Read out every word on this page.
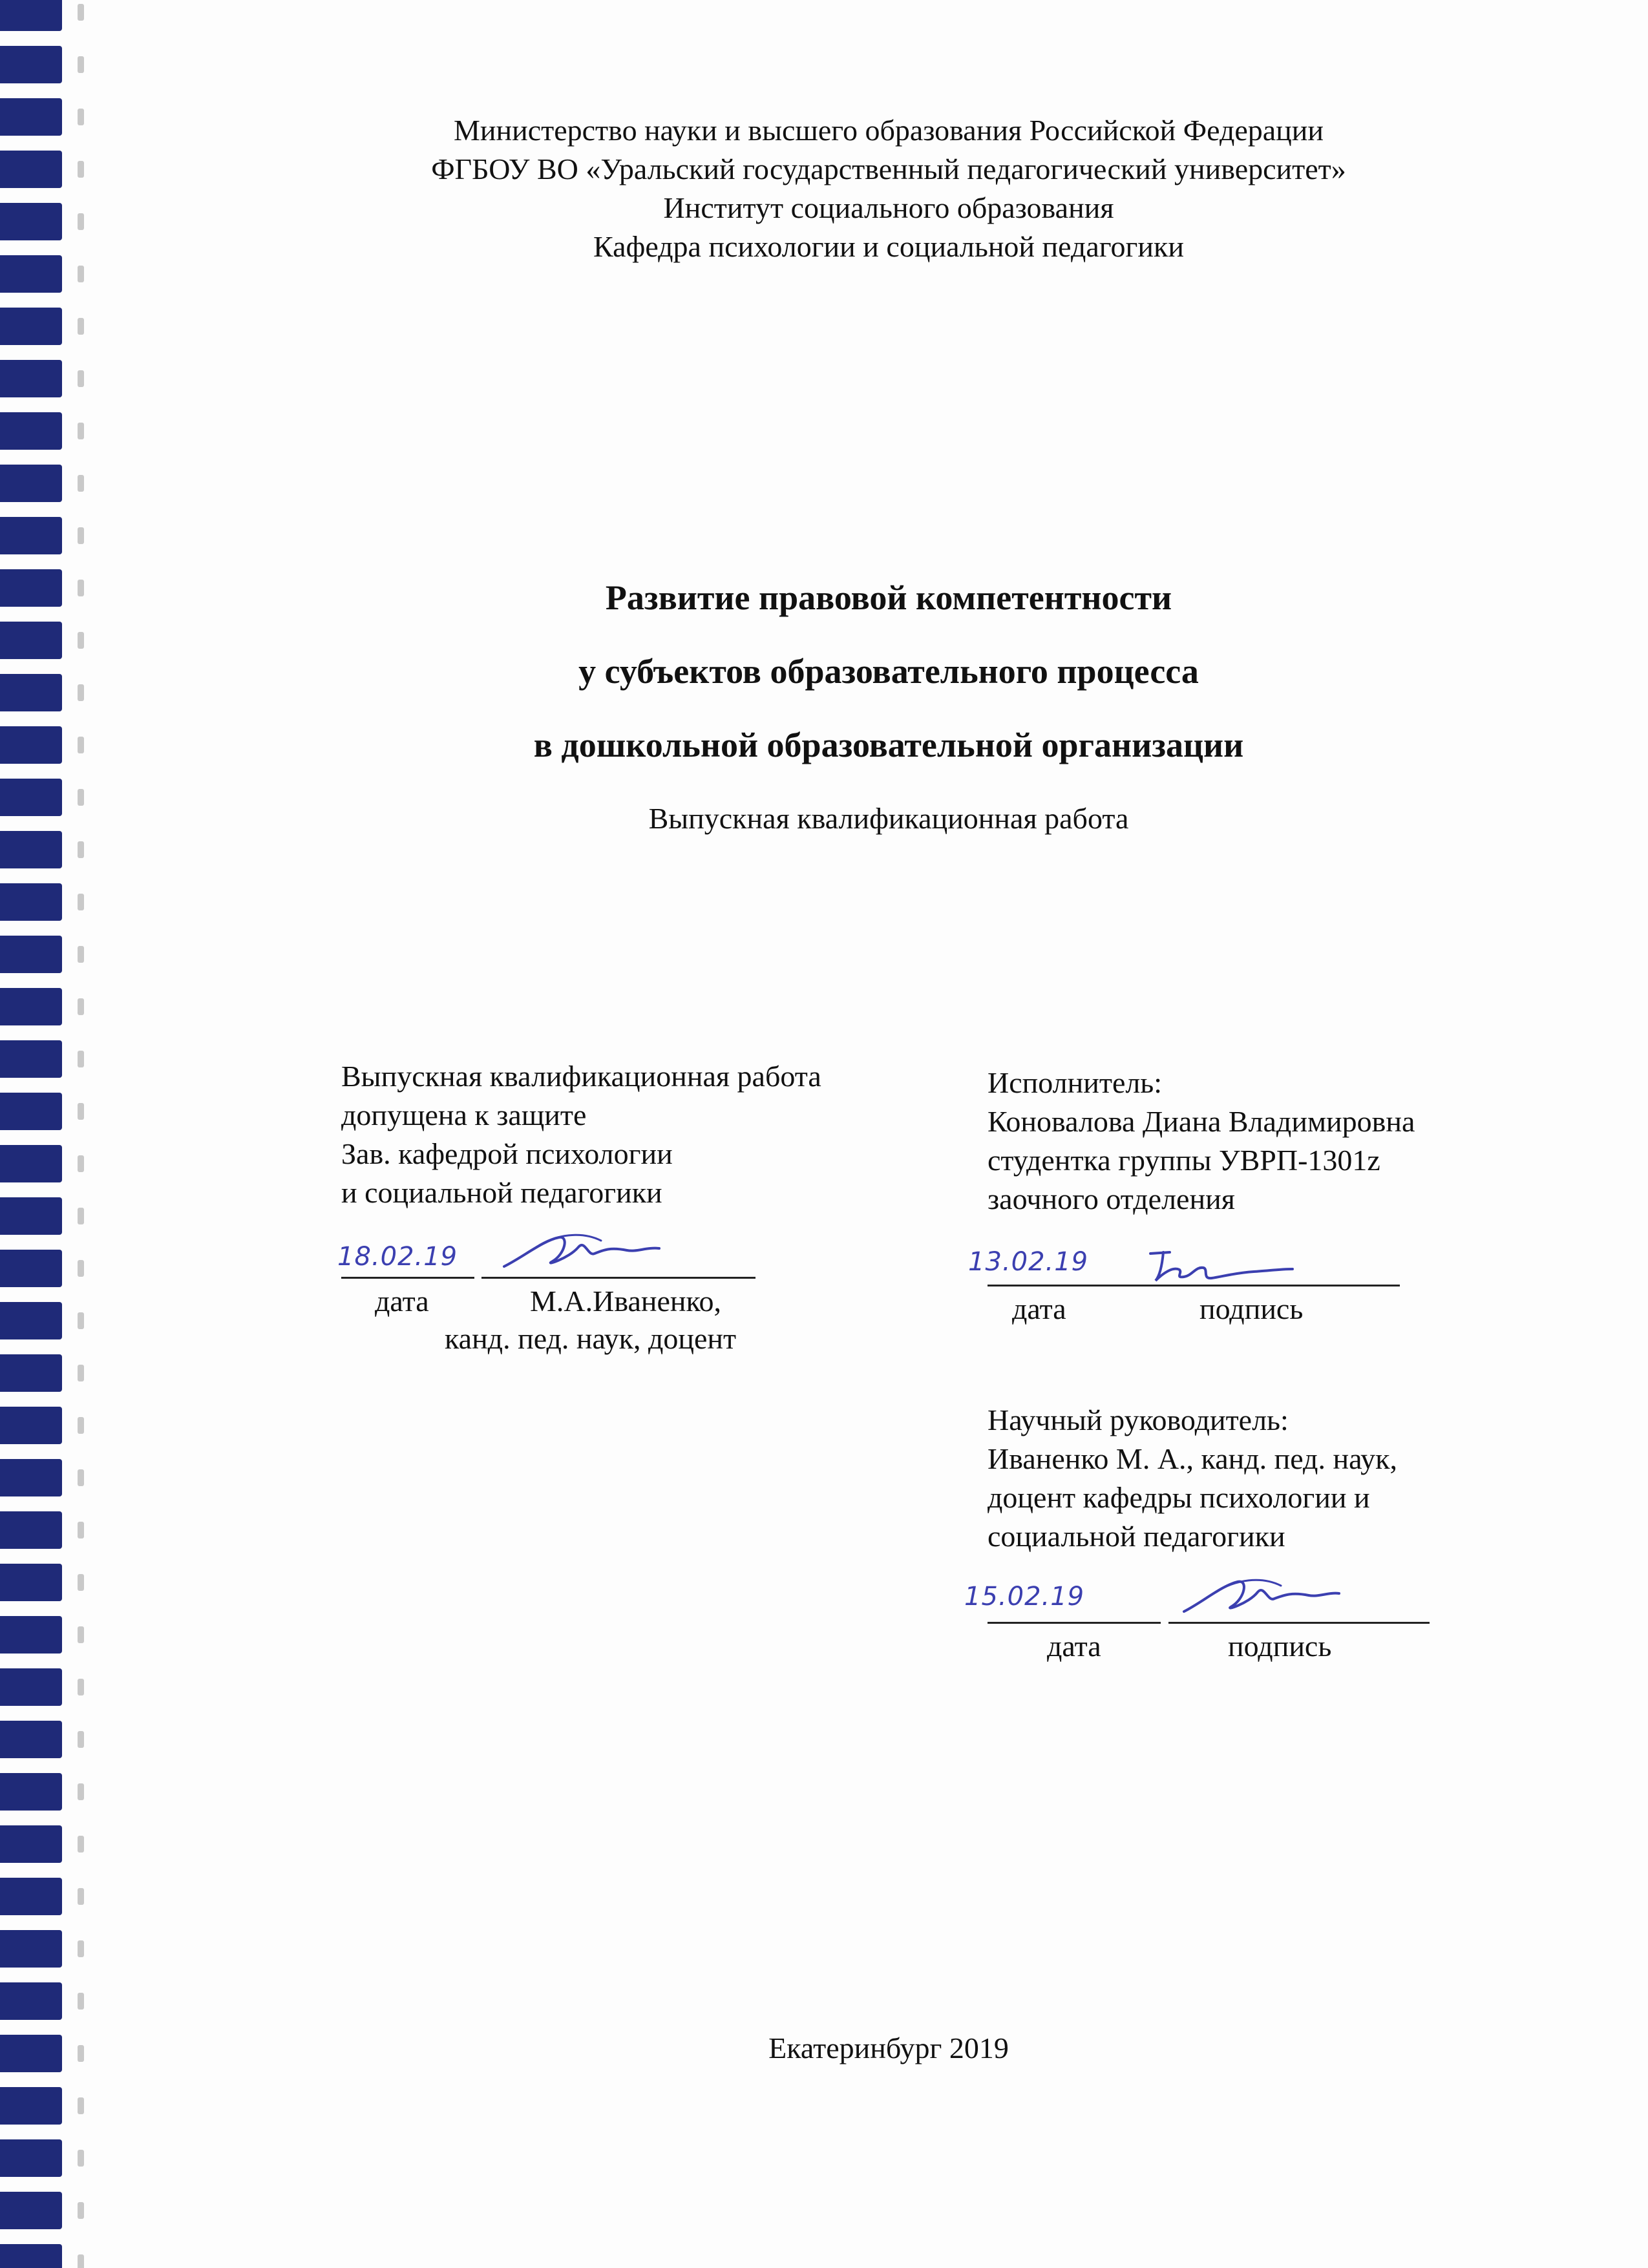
Министерство науки и высшего образования Российской Федерации
ФГБОУ ВО «Уральский государственный педагогический университет»
Институт социального образования
Кафедра психологии и социальной педагогики
Развитие правовой компетентности
у субъектов образовательного процесса
в дошкольной образовательной организации
Выпускная квалификационная работа
Выпускная квалификационная работа
допущена к защите
Зав. кафедрой психологии
и социальной педагогики
18.02.19
дата	М.А.Иваненко,
канд. пед. наук, доцент
Исполнитель:
Коновалова Диана Владимировна
студентка группы УВРП-1301z
заочного отделения
13.02.19
дата	подпись
Научный руководитель:
Иваненко М. А., канд. пед. наук,
доцент кафедры психологии и
социальной педагогики
15.02.19
дата	подпись
Екатеринбург 2019
